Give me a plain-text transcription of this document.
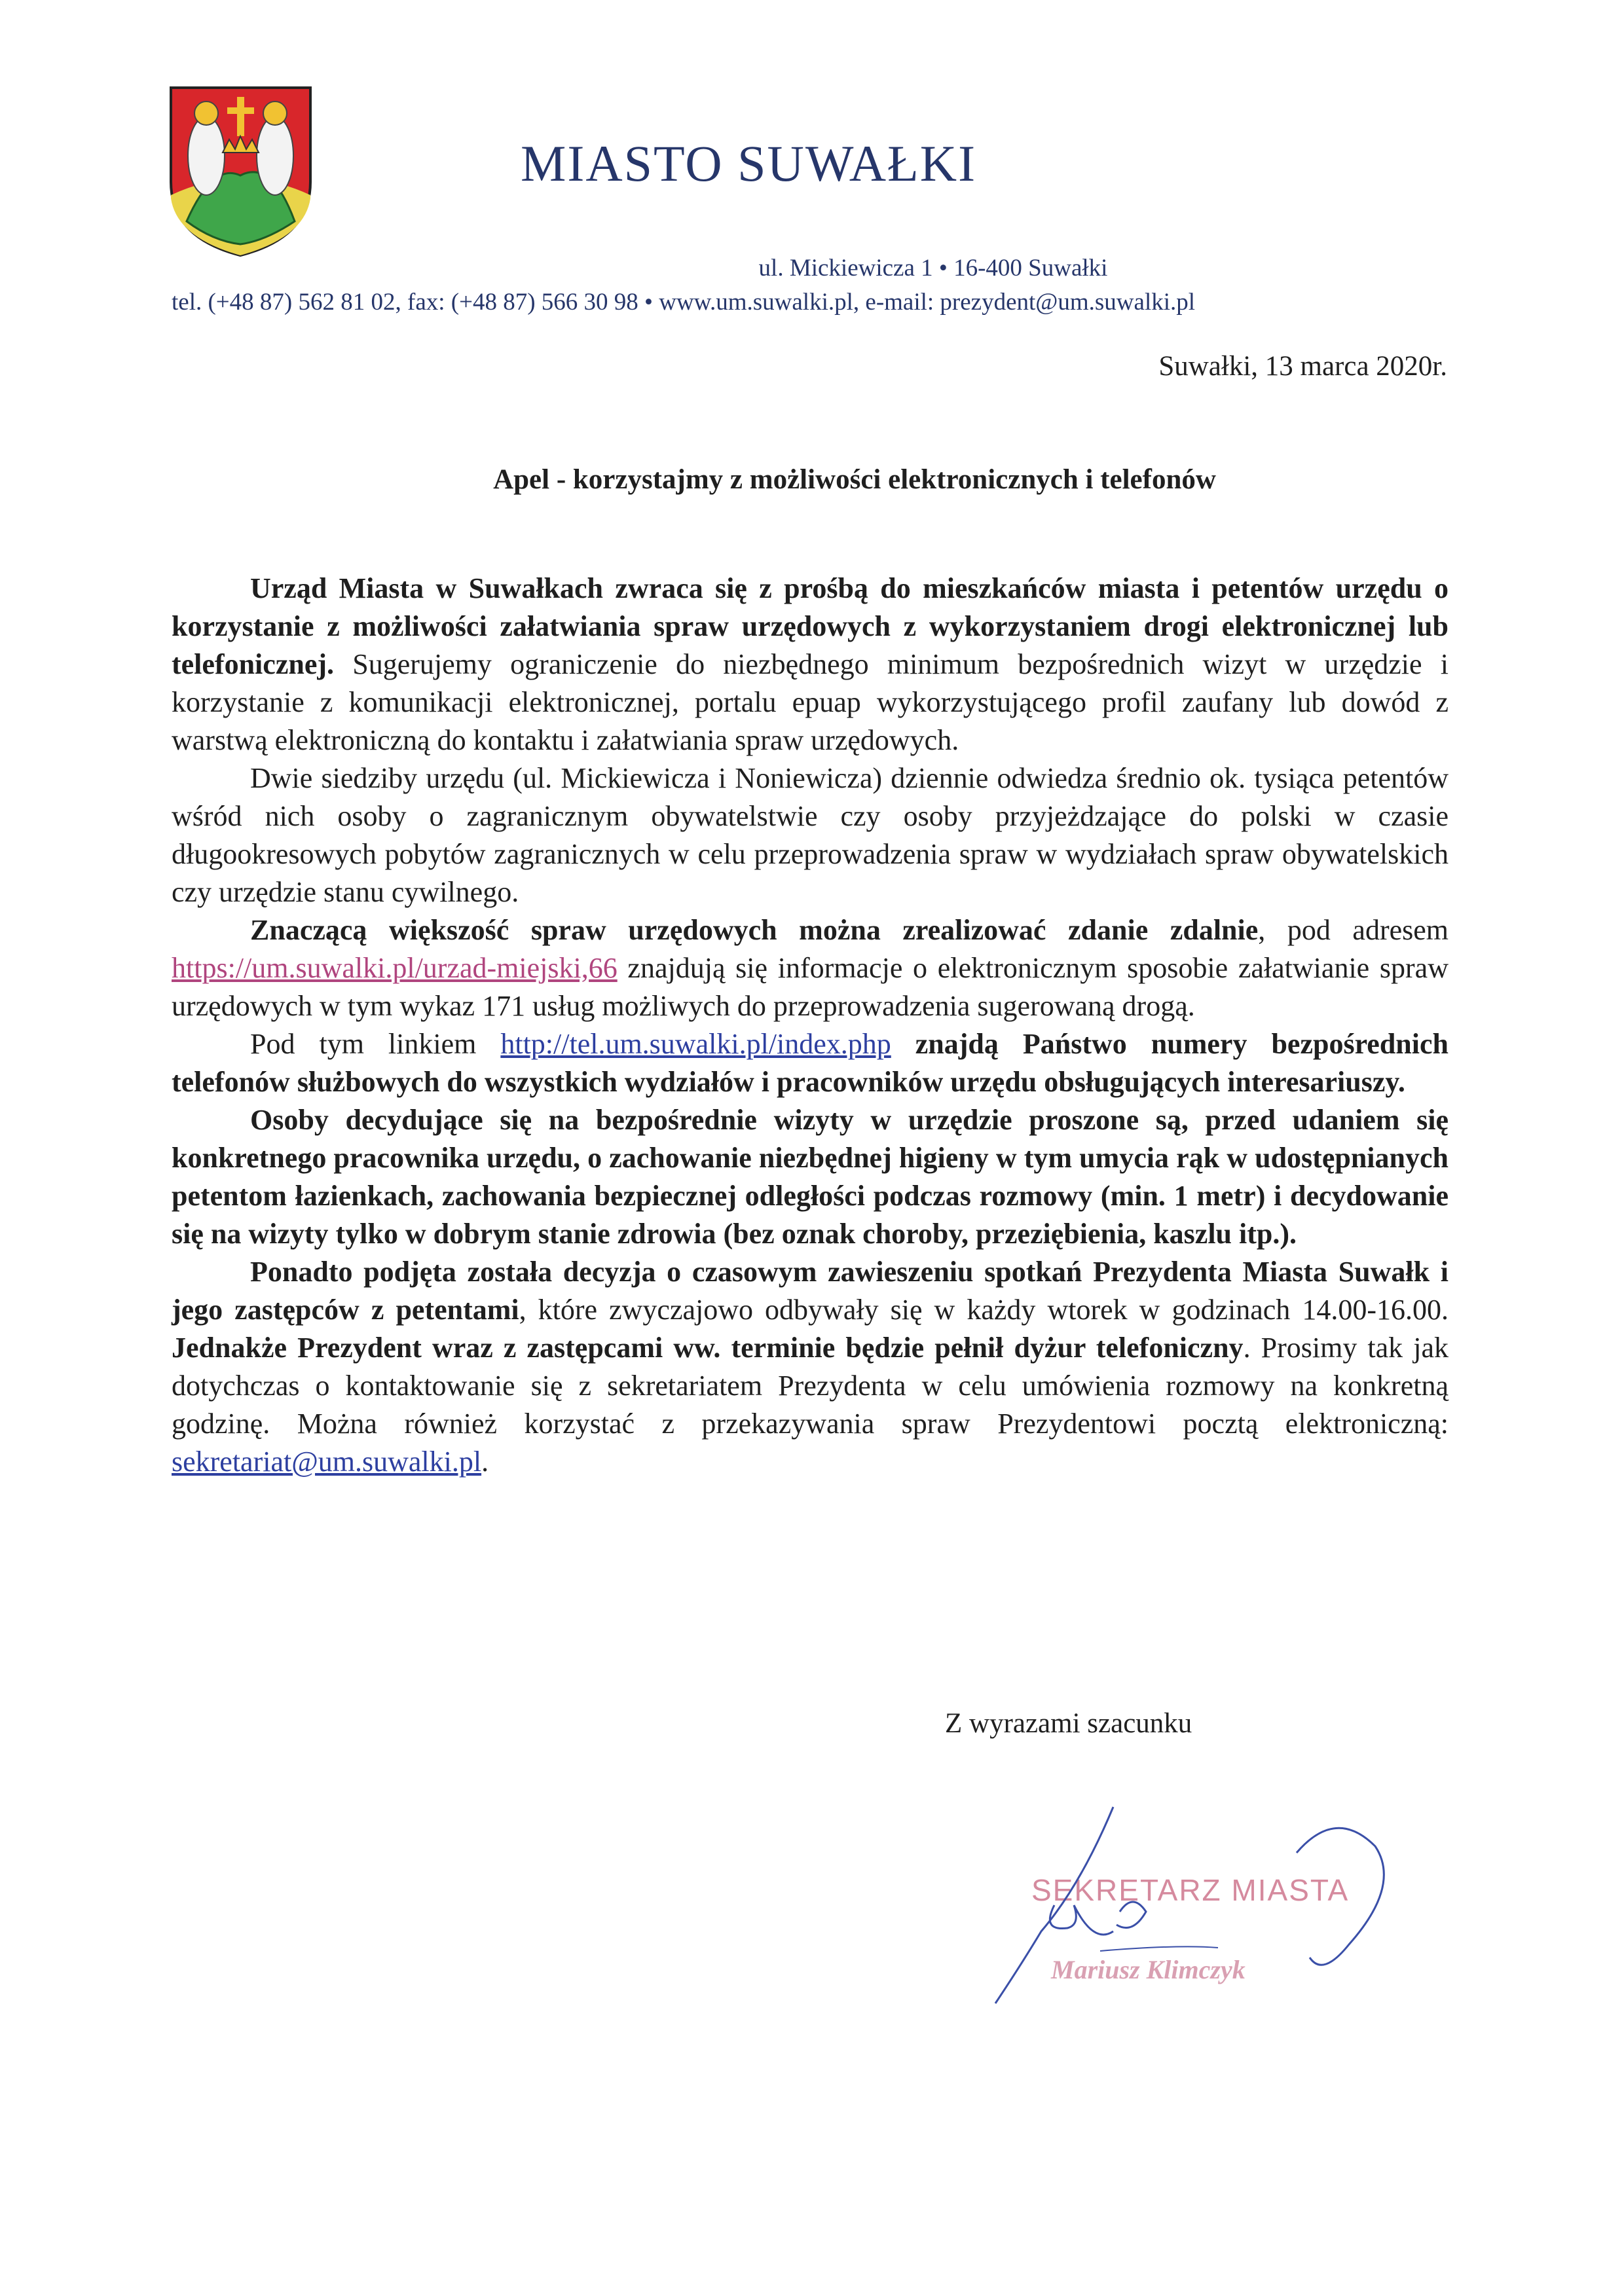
MIASTO SUWAŁKI
ul. Mickiewicza 1 • 16-400 Suwałki
tel. (+48 87) 562 81 02, fax: (+48 87) 566 30 98 • www.um.suwalki.pl, e-mail: prezydent@um.suwalki.pl
Suwałki, 13 marca 2020r.
Apel - korzystajmy z możliwości elektronicznych i telefonów

Urząd Miasta w Suwałkach zwraca się z prośbą do mieszkańców miasta i petentów urzędu o korzystanie z możliwości załatwiania spraw urzędowych z wykorzystaniem drogi elektronicznej lub telefonicznej. Sugerujemy ograniczenie do niezbędnego minimum bezpośrednich wizyt w urzędzie i korzystanie z komunikacji elektronicznej, portalu epuap wykorzystującego profil zaufany lub dowód z warstwą elektroniczną do kontaktu i załatwiania spraw urzędowych.

Dwie siedziby urzędu (ul. Mickiewicza i Noniewicza) dziennie odwiedza średnio ok. tysiąca petentów wśród nich osoby o zagranicznym obywatelstwie czy osoby przyjeżdzające do polski w czasie długookresowych pobytów zagranicznych w celu przeprowadzenia spraw w wydziałach spraw obywatelskich czy urzędzie stanu cywilnego.

Znaczącą większość spraw urzędowych można zrealizować zdanie zdalnie, pod adresem https://um.suwalki.pl/urzad-miejski,66 znajdują się informacje o elektronicznym sposobie załatwianie spraw urzędowych w tym wykaz 171 usług możliwych do przeprowadzenia sugerowaną drogą.

Pod tym linkiem http://tel.um.suwalki.pl/index.php znajdą Państwo numery bezpośrednich telefonów służbowych do wszystkich wydziałów i pracowników urzędu obsługujących interesariuszy.

Osoby decydujące się na bezpośrednie wizyty w urzędzie proszone są, przed udaniem się konkretnego pracownika urzędu, o zachowanie niezbędnej higieny w tym umycia rąk w udostępnianych petentom łazienkach, zachowania bezpiecznej odległości podczas rozmowy (min. 1 metr) i decydowanie się na wizyty tylko w dobrym stanie zdrowia (bez oznak choroby, przeziębienia, kaszlu itp.).

Ponadto podjęta została decyzja o czasowym zawieszeniu spotkań Prezydenta Miasta Suwałk i jego zastępców z petentami, które zwyczajowo odbywały się w każdy wtorek w godzinach 14.00-16.00. Jednakże Prezydent wraz z zastępcami ww. terminie będzie pełnił dyżur telefoniczny. Prosimy tak jak dotychczas o kontaktowanie się z sekretariatem Prezydenta w celu umówienia rozmowy na konkretną godzinę. Można również korzystać z przekazywania spraw Prezydentowi pocztą elektroniczną: sekretariat@um.suwalki.pl.

Z wyrazami szacunku
SEKRETARZ MIASTA
Mariusz Klimczyk
